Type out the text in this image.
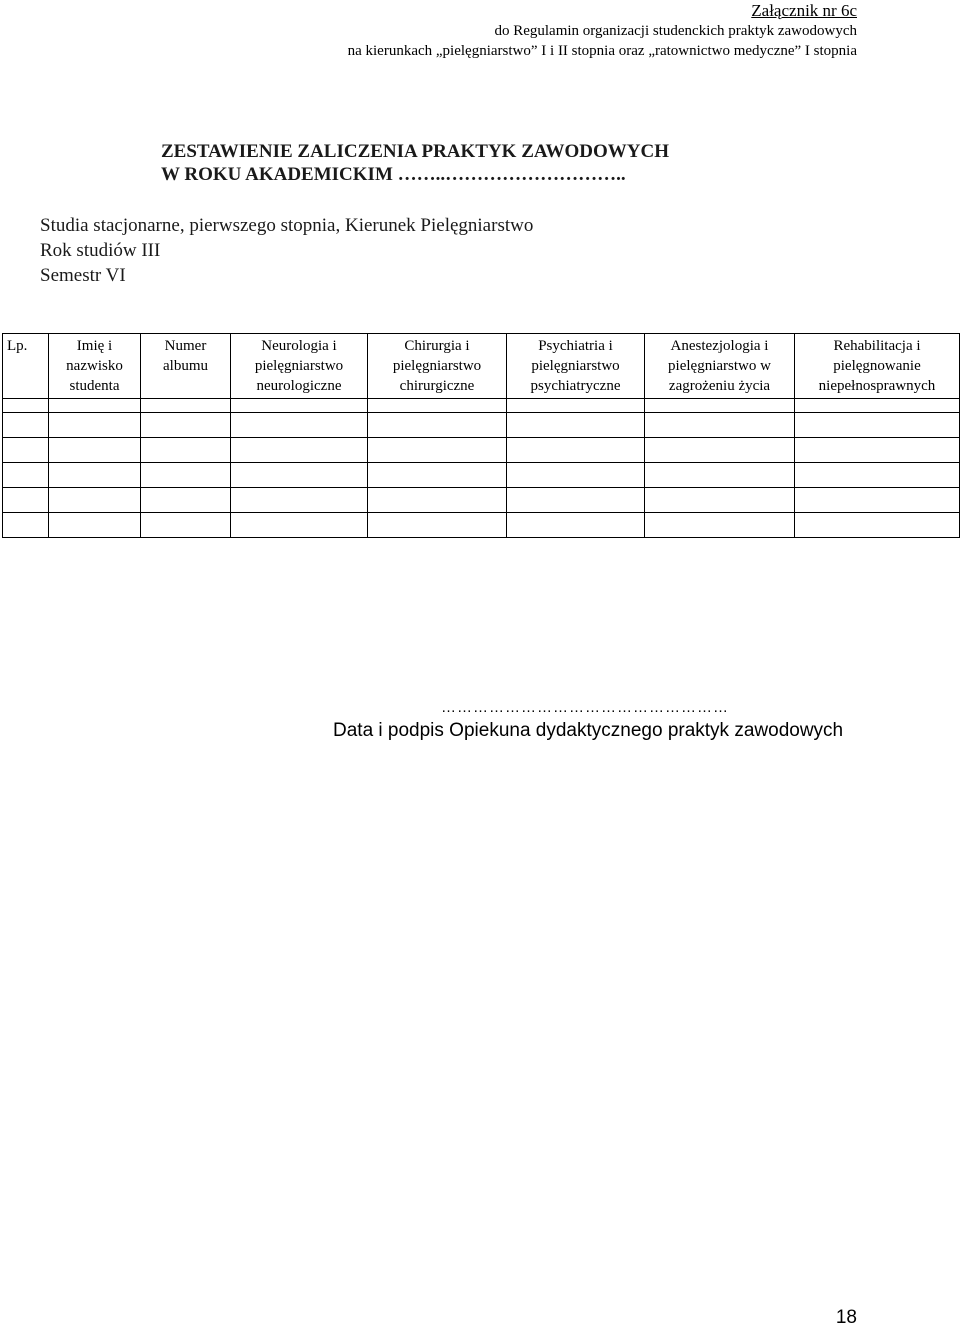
Załącznik nr 6c
do Regulamin organizacji studenckich praktyk zawodowych
na kierunkach „pielęgniarstwo” I i II stopnia oraz „ratownictwo medyczne” I stopnia
ZESTAWIENIE ZALICZENIA PRAKTYK ZAWODOWYCH
W ROKU AKADEMICKIM ……..………………………..
Studia stacjonarne, pierwszego stopnia, Kierunek Pielęgniarstwo
Rok studiów III
Semestr VI
Lp.	Imię i nazwisko studenta	Numer albumu	Neurologia i pielęgniarstwo neurologiczne	Chirurgia i pielęgniarstwo chirurgiczne	Psychiatria i pielęgniarstwo psychiatryczne	Anestezjologia i pielęgniarstwo w zagrożeniu życia	Rehabilitacja i pielęgnowanie niepełnosprawnych

………………………………………………
Data i podpis Opiekuna dydaktycznego praktyk zawodowych
18
